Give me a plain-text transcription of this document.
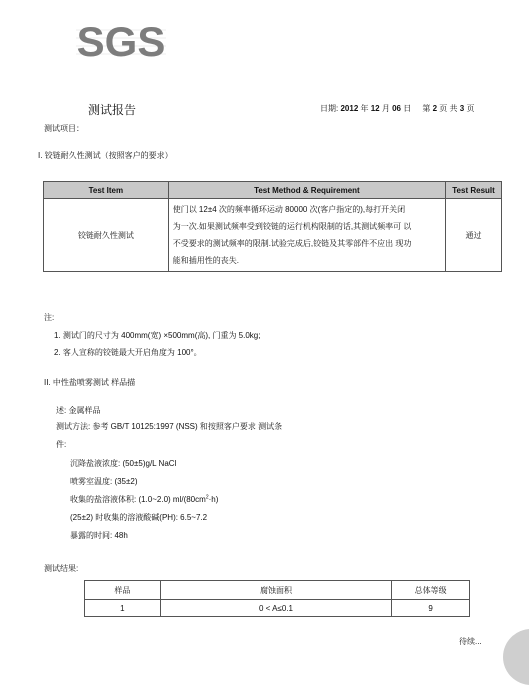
SGS
测试报告	日期: 2012 年 12 月 06 日 第 2 页 共 3 页
测试项目：
I. 铰链耐久性测试（按照客户的要求）
Test Item	Test Method & Requirement	Test Result
铰链耐久性测试	使门以 12±4 次的频率循环运动 80000 次(客户指定的),每打开关闭
为一次.如果测试频率受到铰链的运行机构限制的话,其测试频率可 以
不受要求的测试频率的限制.试验完成后,铰链及其零部件不应出 现功
能和插用性的丧失.	通过
注:
1. 测试门的尺寸为 400mm(宽) ×500mm(高), 门重为 5.0kg;
2. 客人宣称的铰链最大开启角度为 100°。
II. 中性盐喷雾测试 样品描
述: 金属样品
测试方法: 参考 GB/T 10125:1997 (NSS) 和按照客户要求 测试条
件:
沉降盐液浓度: (50±5)g/L NaCl
喷雾室温度: (35±2)
收集的盐溶液体积: (1.0~2.0) $ml/(80cm^2\cdot h)$
(25±2) 时收集的溶液酸碱(PH): 6.5~7.2
暴露的时间: 48h
测试结果:
样品	腐蚀面积	总体等级
1	0 < A≤0.1	9
待续...
